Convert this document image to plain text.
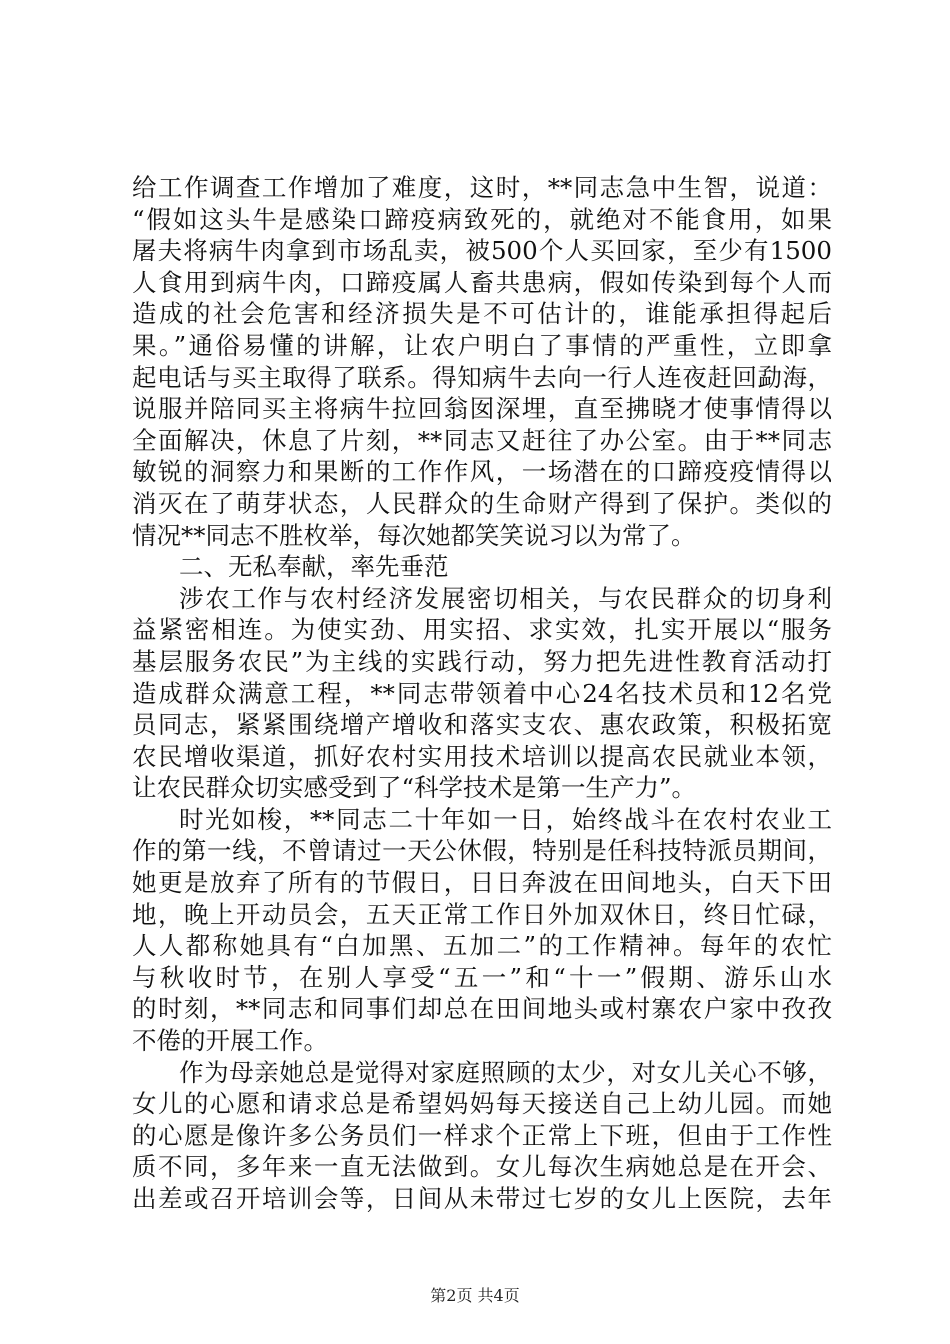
给工作调查工作增加了难度，这时，**同志急中生智，说道：
“假如这头牛是感染口蹄疫病致死的，就绝对不能食用，如果
屠夫将病牛肉拿到市场乱卖，被500个人买回家，至少有1500
人食用到病牛肉，口蹄疫属人畜共患病，假如传染到每个人而
造成的社会危害和经济损失是不可估计的，谁能承担得起后
果。”通俗易懂的讲解，让农户明白了事情的严重性，立即拿
起电话与买主取得了联系。得知病牛去向一行人连夜赶回勐海，
说服并陪同买主将病牛拉回翁囡深埋，直至拂晓才使事情得以
全面解决，休息了片刻，**同志又赶往了办公室。由于**同志
敏锐的洞察力和果断的工作作风，一场潜在的口蹄疫疫情得以
消灭在了萌芽状态，人民群众的生命财产得到了保护。类似的
情况**同志不胜枚举，每次她都笑笑说习以为常了。
二、无私奉献，率先垂范
涉农工作与农村经济发展密切相关，与农民群众的切身利
益紧密相连。为使实劲、用实招、求实效，扎实开展以“服务
基层服务农民”为主线的实践行动，努力把先进性教育活动打
造成群众满意工程，**同志带领着中心24名技术员和12名党
员同志，紧紧围绕增产增收和落实支农、惠农政策，积极拓宽
农民增收渠道，抓好农村实用技术培训以提高农民就业本领，
让农民群众切实感受到了“科学技术是第一生产力”。
时光如梭，**同志二十年如一日，始终战斗在农村农业工
作的第一线，不曾请过一天公休假，特别是任科技特派员期间，
她更是放弃了所有的节假日，日日奔波在田间地头，白天下田
地，晚上开动员会，五天正常工作日外加双休日，终日忙碌，
人人都称她具有“白加黑、五加二”的工作精神。每年的农忙
与秋收时节，在别人享受“五一”和“十一”假期、游乐山水
的时刻，**同志和同事们却总在田间地头或村寨农户家中孜孜
不倦的开展工作。
作为母亲她总是觉得对家庭照顾的太少，对女儿关心不够，
女儿的心愿和请求总是希望妈妈每天接送自己上幼儿园。而她
的心愿是像许多公务员们一样求个正常上下班，但由于工作性
质不同，多年来一直无法做到。女儿每次生病她总是在开会、
出差或召开培训会等，日间从未带过七岁的女儿上医院，去年
第2页 共4页
